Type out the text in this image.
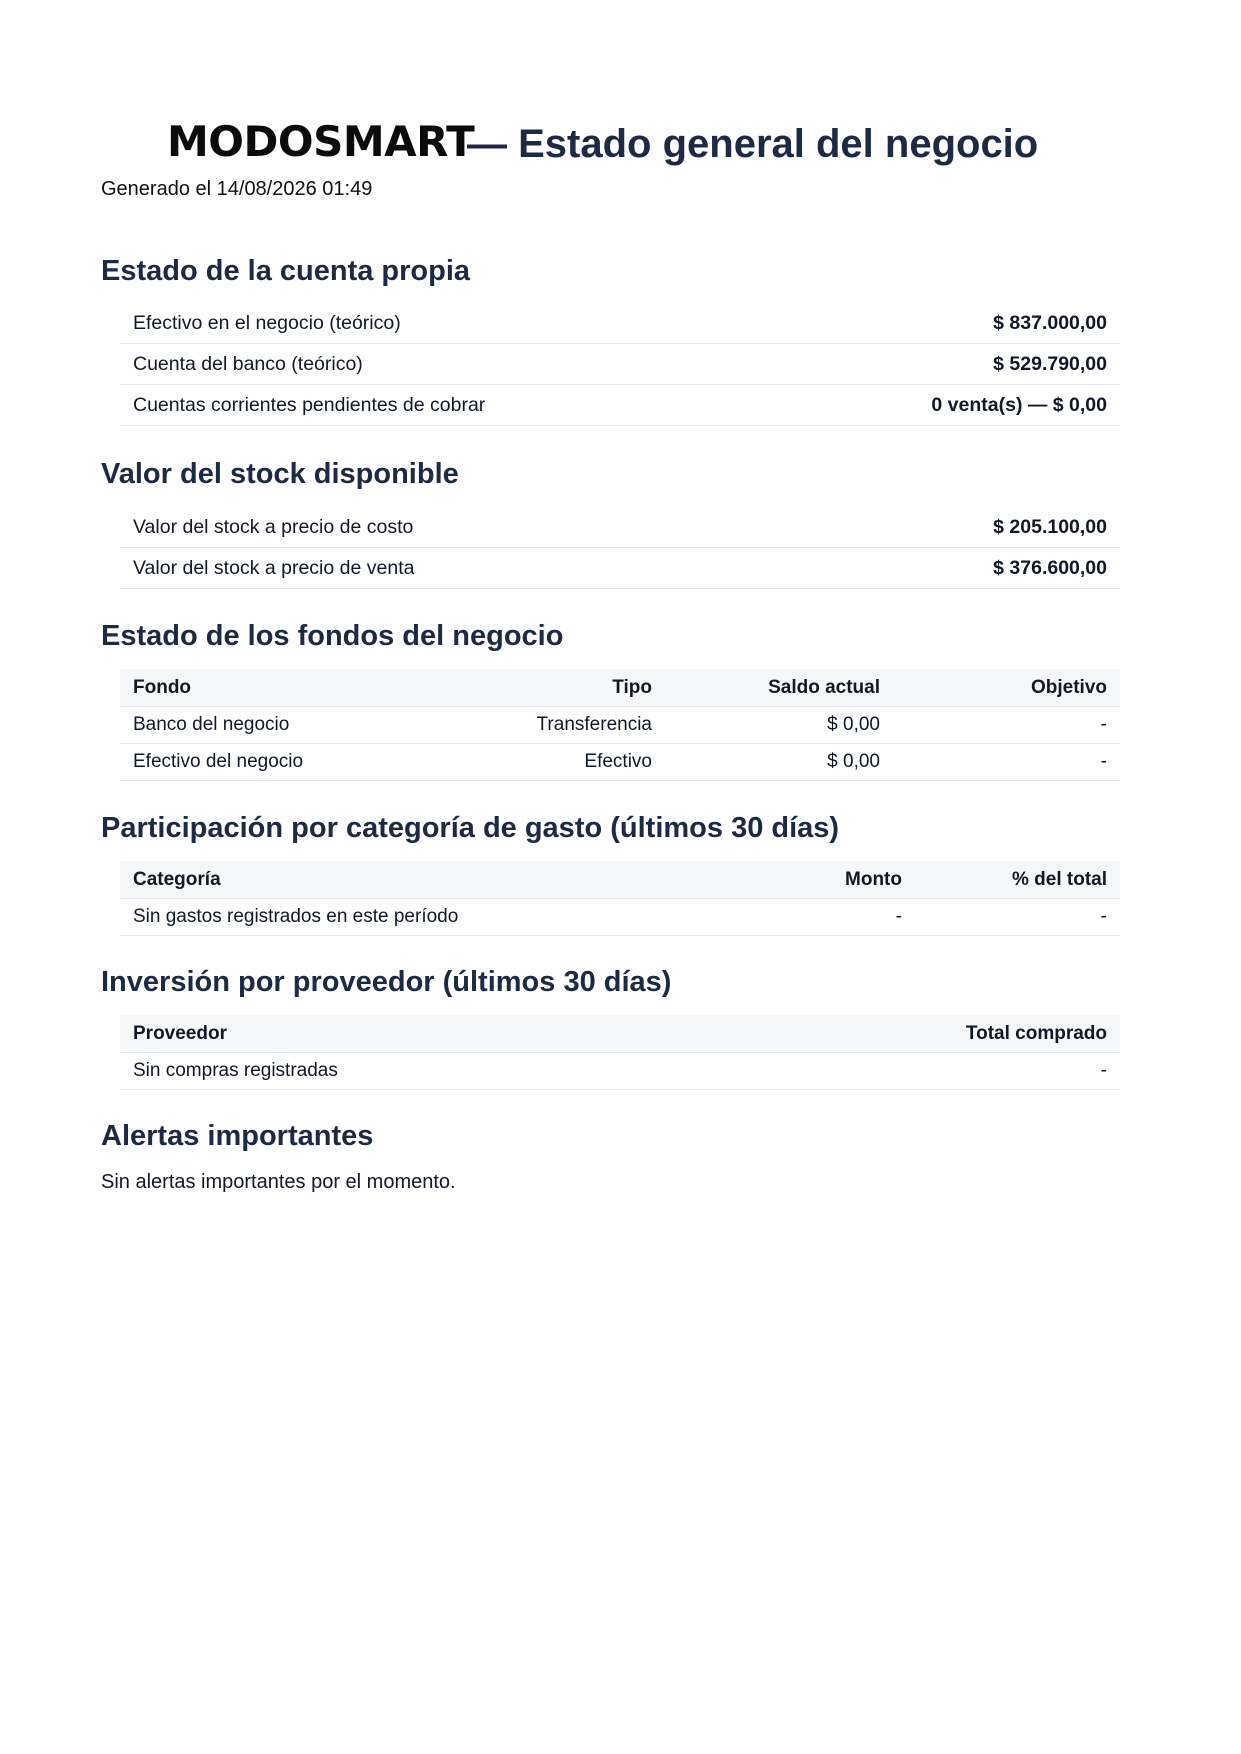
MODOSMART
— Estado general del negocio
Generado el 14/08/2026 01:49
Estado de la cuenta propia
Efectivo en el negocio (teórico)	$ 837.000,00
Cuenta del banco (teórico)	$ 529.790,00
Cuentas corrientes pendientes de cobrar	0 venta(s) — $ 0,00
Valor del stock disponible
Valor del stock a precio de costo	$ 205.100,00
Valor del stock a precio de venta	$ 376.600,00
Estado de los fondos del negocio
Fondo	Tipo	Saldo actual	Objetivo
Banco del negocio	Transferencia	$ 0,00	-
Efectivo del negocio	Efectivo	$ 0,00	-
Participación por categoría de gasto (últimos 30 días)
Categoría	Monto	% del total
Sin gastos registrados en este período	-	-
Inversión por proveedor (últimos 30 días)
Proveedor	Total comprado
Sin compras registradas	-
Alertas importantes
Sin alertas importantes por el momento.
